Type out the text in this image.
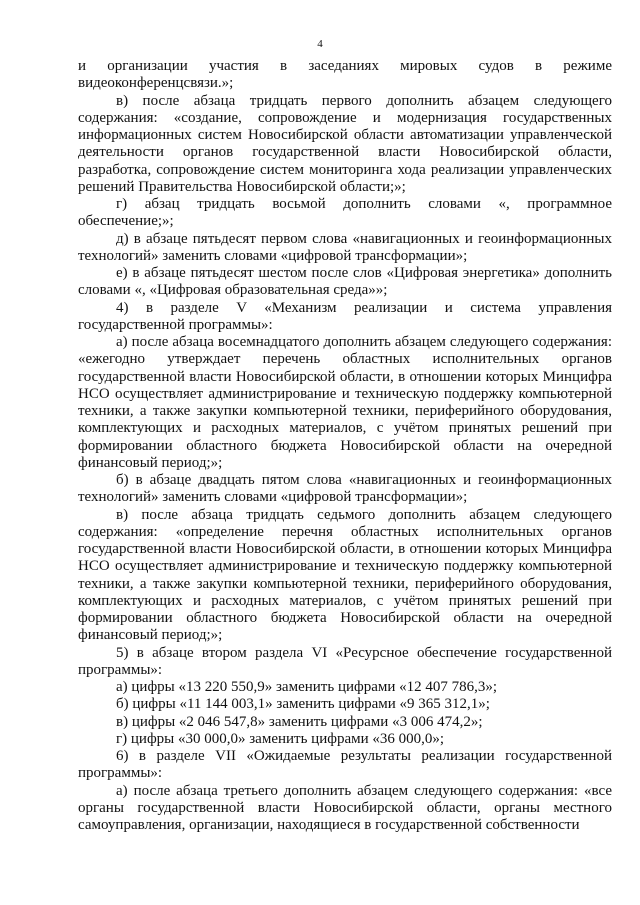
4

и организации участия в заседаниях мировых судов в режиме видеоконференцсвязи.»;

в) после абзаца тридцать первого дополнить абзацем следующего содержания: «создание, сопровождение и модернизация государственных информационных систем Новосибирской области автоматизации управленческой деятельности органов государственной власти Новосибирской области, разработка, сопровождение систем мониторинга хода реализации управленческих решений Правительства Новосибирской области;»;

г) абзац тридцать восьмой дополнить словами «, программное обеспечение;»;

д) в абзаце пятьдесят первом слова «навигационных и геоинформационных технологий» заменить словами «цифровой трансформации»;

е) в абзаце пятьдесят шестом после слов «Цифровая энергетика» дополнить словами «, «Цифровая образовательная среда»»;

4) в разделе V «Механизм реализации и система управления государственной программы»:

а) после абзаца восемнадцатого дополнить абзацем следующего содержания: «ежегодно утверждает перечень областных исполнительных органов государственной власти Новосибирской области, в отношении которых Минцифра НСО осуществляет администрирование и техническую поддержку компьютерной техники, а также закупки компьютерной техники, периферийного оборудования, комплектующих и расходных материалов, с учётом принятых решений при формировании областного бюджета Новосибирской области на очередной финансовый период;»;

б) в абзаце двадцать пятом слова «навигационных и геоинформационных технологий» заменить словами «цифровой трансформации»;

в) после абзаца тридцать седьмого дополнить абзацем следующего содержания: «определение перечня областных исполнительных органов государственной власти Новосибирской области, в отношении которых Минцифра НСО осуществляет администрирование и техническую поддержку компьютерной техники, а также закупки компьютерной техники, периферийного оборудования, комплектующих и расходных материалов, с учётом принятых решений при формировании областного бюджета Новосибирской области на очередной финансовый период;»;

5) в абзаце втором раздела VI «Ресурсное обеспечение государственной программы»:

а) цифры «13 220 550,9» заменить цифрами «12 407 786,3»;

б) цифры «11 144 003,1» заменить цифрами «9 365 312,1»;

в) цифры «2 046 547,8» заменить цифрами «3 006 474,2»;

г) цифры «30 000,0» заменить цифрами «36 000,0»;

6) в разделе VII «Ожидаемые результаты реализации государственной программы»:

а) после абзаца третьего дополнить абзацем следующего содержания: «все органы государственной власти Новосибирской области, органы местного самоуправления, организации, находящиеся в государственной собственности
